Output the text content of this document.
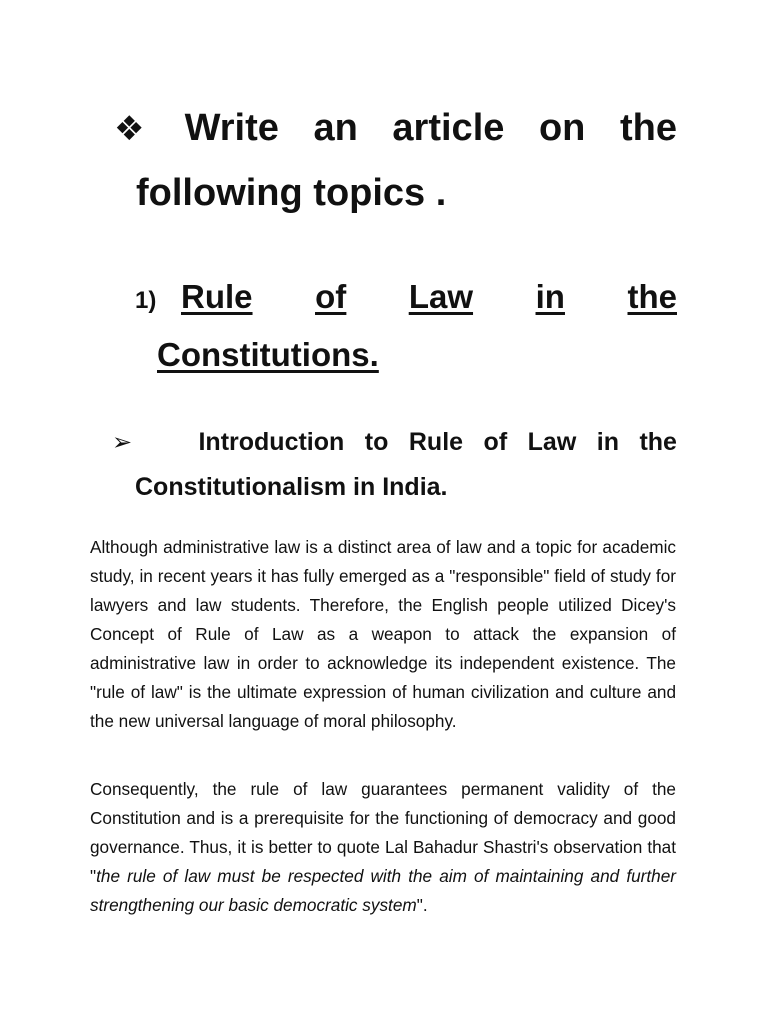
❖ Write an article on the
following topics .
1) Rule of Law in the
Constitutions.
➢	Introduction to Rule of Law in the
Constitutionalism in India.

Although administrative law is a distinct area of law and a topic for academic study, in recent years it has fully emerged as a "responsible" field of study for lawyers and law students. Therefore, the English people utilized Dicey's Concept of Rule of Law as a weapon to attack the expansion of administrative law in order to acknowledge its independent existence. The "rule of law" is the ultimate expression of human civilization and culture and the new universal language of moral philosophy.

Consequently, the rule of law guarantees permanent validity of the Constitution and is a prerequisite for the functioning of democracy and good governance. Thus, it is better to quote Lal Bahadur Shastri's observation that "the rule of law must be respected with the aim of maintaining and further strengthening our basic democratic system".
